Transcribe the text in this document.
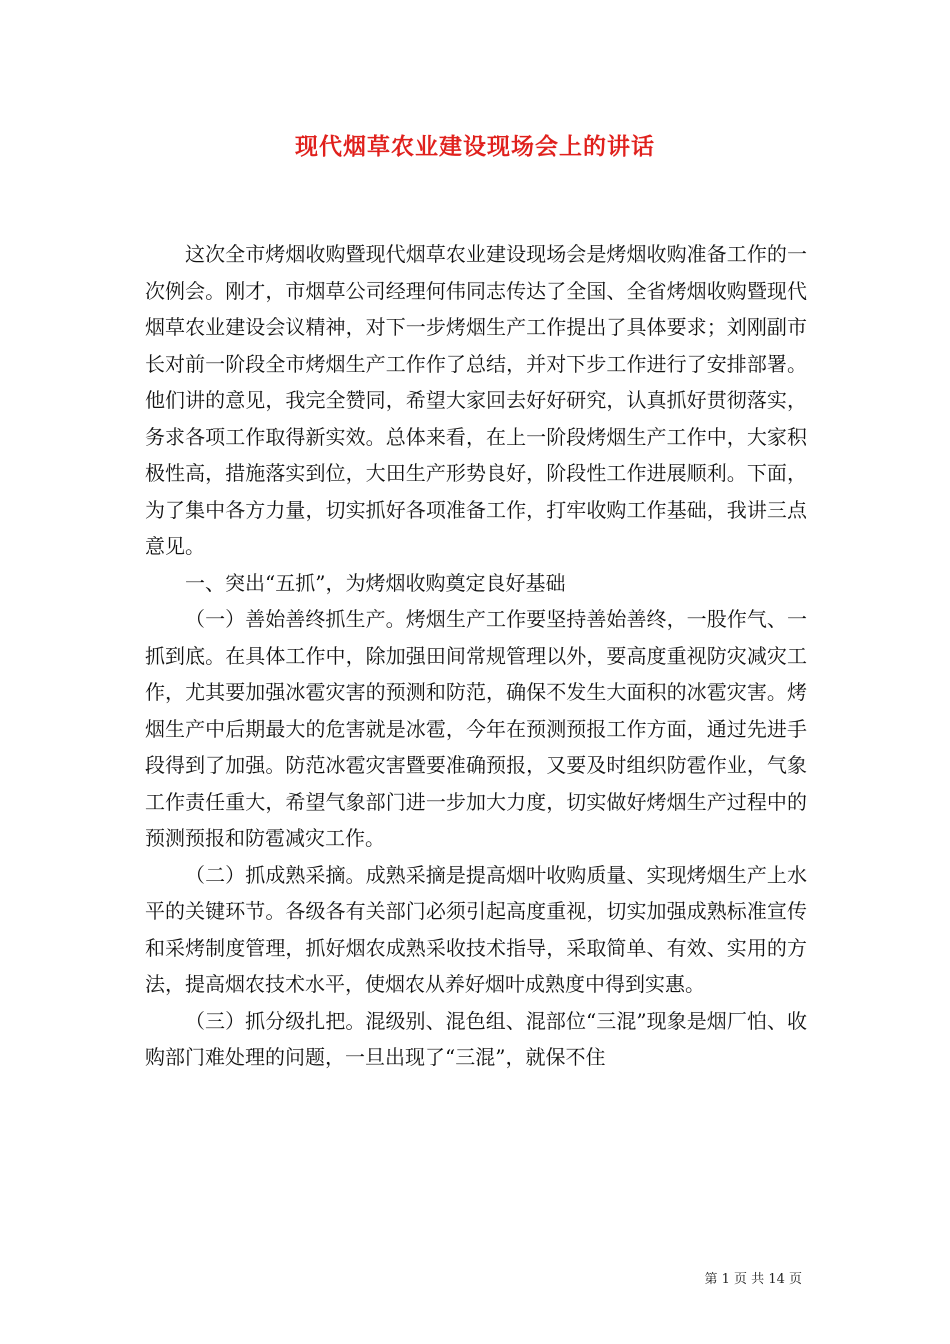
现代烟草农业建设现场会上的讲话

这次全市烤烟收购暨现代烟草农业建设现场会是烤烟收购准备工作的一次例会。刚才，市烟草公司经理何伟同志传达了全国、全省烤烟收购暨现代烟草农业建设会议精神，对下一步烤烟生产工作提出了具体要求；刘刚副市长对前一阶段全市烤烟生产工作作了总结，并对下步工作进行了安排部署。他们讲的意见，我完全赞同，希望大家回去好好研究，认真抓好贯彻落实，务求各项工作取得新实效。总体来看，在上一阶段烤烟生产工作中，大家积极性高，措施落实到位，大田生产形势良好，阶段性工作进展顺利。下面，为了集中各方力量，切实抓好各项准备工作，打牢收购工作基础，我讲三点意见。

一、突出“五抓”，为烤烟收购奠定良好基础

（一）善始善终抓生产。烤烟生产工作要坚持善始善终，一股作气、一抓到底。在具体工作中，除加强田间常规管理以外，要高度重视防灾减灾工作，尤其要加强冰雹灾害的预测和防范，确保不发生大面积的冰雹灾害。烤烟生产中后期最大的危害就是冰雹，今年在预测预报工作方面，通过先进手段得到了加强。防范冰雹灾害暨要准确预报，又要及时组织防雹作业，气象工作责任重大，希望气象部门进一步加大力度，切实做好烤烟生产过程中的预测预报和防雹减灾工作。

（二）抓成熟采摘。成熟采摘是提高烟叶收购质量、实现烤烟生产上水平的关键环节。各级各有关部门必须引起高度重视，切实加强成熟标准宣传和采烤制度管理，抓好烟农成熟采收技术指导，采取简单、有效、实用的方法，提高烟农技术水平，使烟农从养好烟叶成熟度中得到实惠。

（三）抓分级扎把。混级别、混色组、混部位“三混”现象是烟厂怕、收购部门难处理的问题，一旦出现了“三混”，就保不住

第 1 页 共 14 页
